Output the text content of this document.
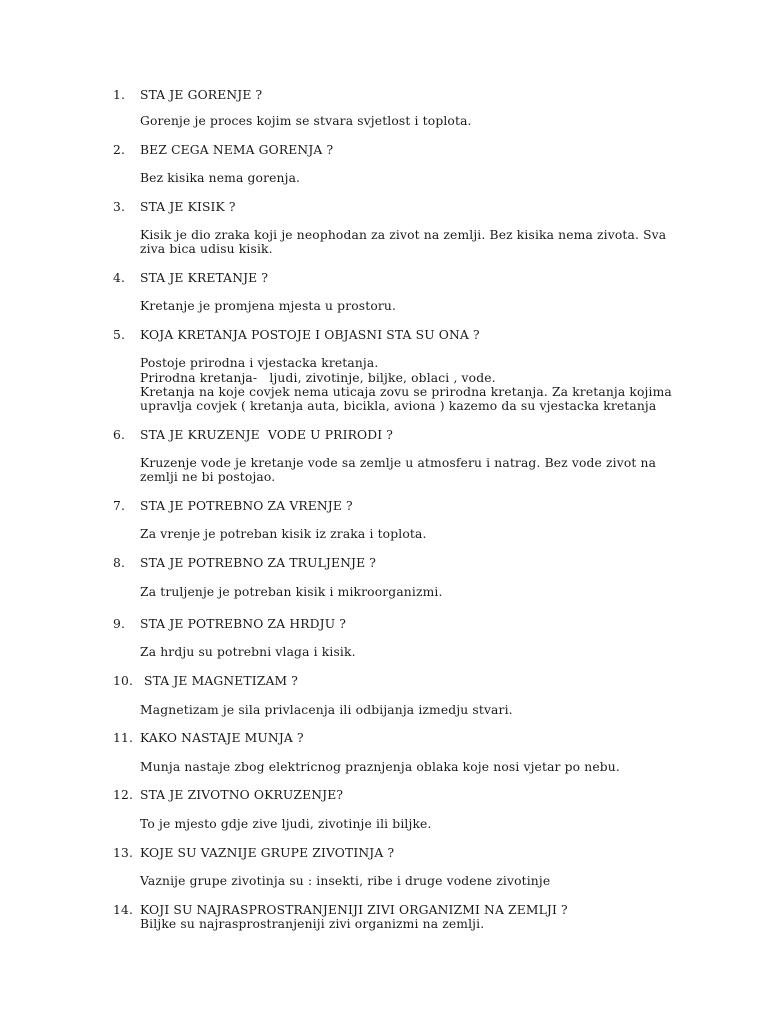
1. STA JE GORENJE ?
Gorenje je proces kojim se stvara svjetlost i toplota.
2. BEZ CEGA NEMA GORENJA ?
Bez kisika nema gorenja.
3. STA JE KISIK ?
Kisik je dio zraka koji je neophodan za zivot na zemlji. Bez kisika nema zivota. Sva
ziva bica udisu kisik.
4. STA JE KRETANJE ?
Kretanje je promjena mjesta u prostoru.
5. KOJA KRETANJA POSTOJE I OBJASNI STA SU ONA ?
Postoje prirodna i vjestacka kretanja.
Prirodna kretanja-   ljudi, zivotinje, biljke, oblaci , vode.
Kretanja na koje covjek nema uticaja zovu se prirodna kretanja. Za kretanja kojima
upravlja covjek ( kretanja auta, bicikla, aviona ) kazemo da su vjestacka kretanja
6. STA JE KRUZENJE  VODE U PRIRODI ?
Kruzenje vode je kretanje vode sa zemlje u atmosferu i natrag. Bez vode zivot na
zemlji ne bi postojao.
7. STA JE POTREBNO ZA VRENJE ?
Za vrenje je potreban kisik iz zraka i toplota.
8. STA JE POTREBNO ZA TRULJENJE ?
Za truljenje je potreban kisik i mikroorganizmi.
9. STA JE POTREBNO ZA HRDJU ?
Za hrdju su potrebni vlaga i kisik.
10. STA JE MAGNETIZAM ?
Magnetizam je sila privlacenja ili odbijanja izmedju stvari.
11. KAKO NASTAJE MUNJA ?
Munja nastaje zbog elektricnog praznjenja oblaka koje nosi vjetar po nebu.
12. STA JE ZIVOTNO OKRUZENJE?
To je mjesto gdje zive ljudi, zivotinje ili biljke.
13. KOJE SU VAZNIJE GRUPE ZIVOTINJA ?
Vaznije grupe zivotinja su : insekti, ribe i druge vodene zivotinje
14. KOJI SU NAJRASPROSTRANJENIJI ZIVI ORGANIZMI NA ZEMLJI ?
Biljke su najrasprostranjeniji zivi organizmi na zemlji.
